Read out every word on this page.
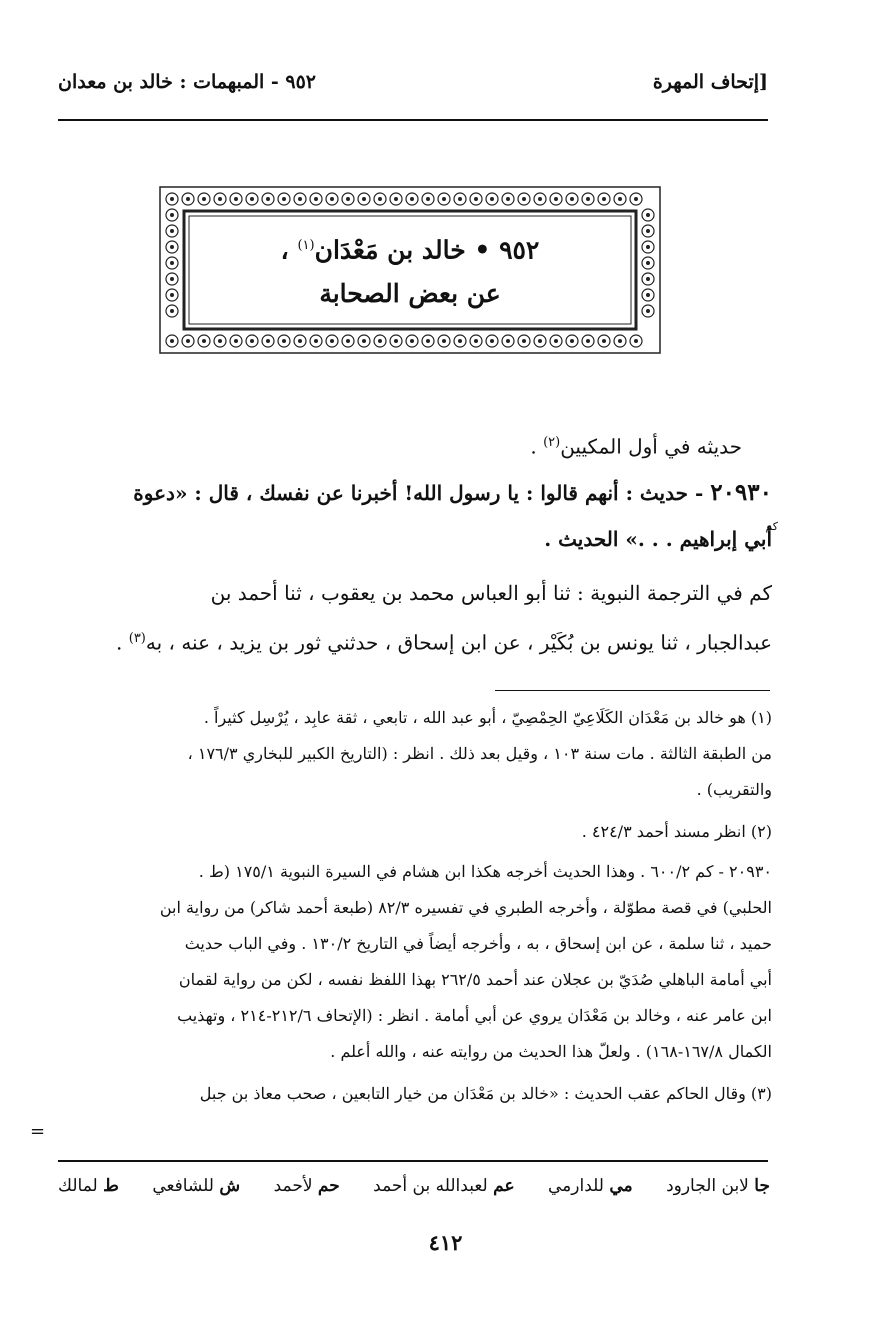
٩٥٢ - المبهمات : خالد بن معدان	[إتحاف المهرة
٩٥٢ • خالد بن مَعْدَان$^{(١)}$ ،
عن بعض الصحابة
حديثه في أول المكيين$^{(٢)}$ .
٢٠٩٣٠ - حديث : أنهم قالوا : يا رسول الله! أخبرنا عن نفسك ، قال : «دعوة
كم
أبي إبراهيم . . .» الحديث .
كم في الترجمة النبوية : ثنا أبو العباس محمد بن يعقوب ، ثنا أحمد بن
عبدالجبار ، ثنا يونس بن بُكَيْر ، عن ابن إسحاق ، حدثني ثور بن يزيد ، عنه ، به$^{(٣)}$ .
(١) هو خالد بن مَعْدَان الكَلَاعِيّ الحِمْصِيّ ، أبو عبد الله ، تابعي ، ثقة عابِد ، يُرْسِل كثيراً .
من الطبقة الثالثة . مات سنة ١٠٣ ، وقيل بعد ذلك . انظر : (التاريخ الكبير للبخاري ١٧٦/٣ ،
والتقريب) .
(٢) انظر مسند أحمد ٤٢٤/٣ .
٢٠٩٣٠ - كم ٦٠٠/٢ . وهذا الحديث أخرجه هكذا ابن هشام في السيرة النبوية ١٧٥/١ (ط .
الحلبي) في قصة مطوّلة ، وأخرجه الطبري في تفسيره ٨٢/٣ (طبعة أحمد شاكر) من رواية ابن
حميد ، ثنا سلمة ، عن ابن إسحاق ، به ، وأخرجه أيضاً في التاريخ ١٣٠/٢ . وفي الباب حديث
أبي أمامة الباهلي صُدَيّ بن عجلان عند أحمد ٢٦٢/٥ بهذا اللفظ نفسه ، لكن من رواية لقمان
ابن عامر عنه ، وخالد بن مَعْدَان يروي عن أبي أمامة . انظر : (الإتحاف ٢١٢/٦-٢١٤ ، وتهذيب
الكمال ١٦٧/٨-١٦٨) . ولعلّ هذا الحديث من روايته عنه ، والله أعلم .
(٣) وقال الحاكم عقب الحديث : «خالد بن مَعْدَان من خيار التابعين ، صحب معاذ بن جبل
=
ط لمالك	ش للشافعي	حم لأحمد	عم لعبدالله بن أحمد	مي للدارمي	جا لابن الجارود
٤١٢
